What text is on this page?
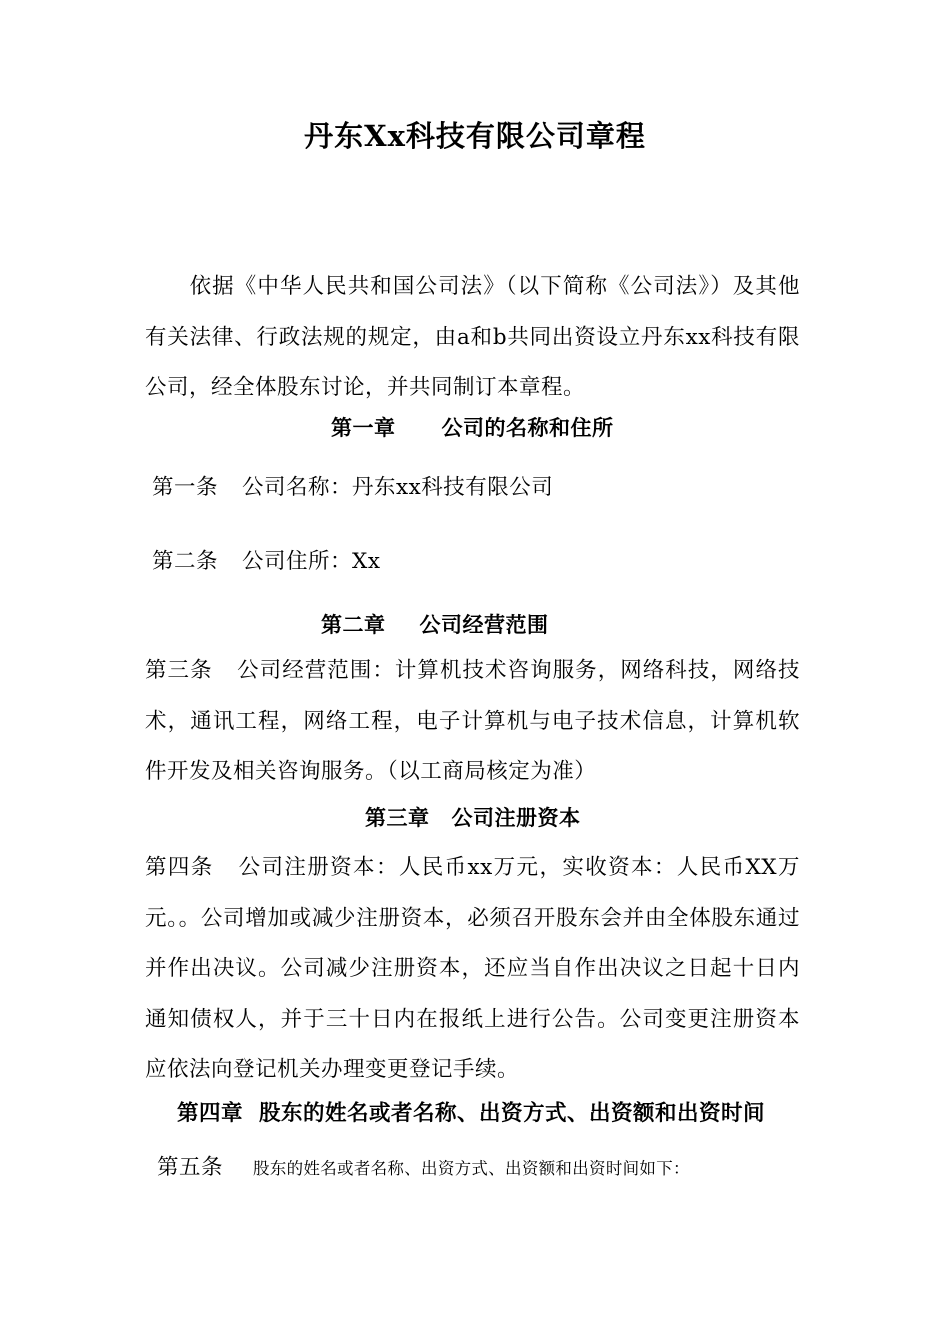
丹东Xx科技有限公司章程
依据《中华人民共和国公司法》（以下简称《公司法》）及其他有关法律、行政法规的规定，由a和b共同出资设立丹东xx科技有限公司，经全体股东讨论，并共同制订本章程。
第一章 公司的名称和住所
第一条 公司名称：丹东xx科技有限公司
第二条 公司住所：Xx
第二章 公司经营范围
第三条 公司经营范围：计算机技术咨询服务，网络科技，网络技术，通讯工程，网络工程，电子计算机与电子技术信息，计算机软件开发及相关咨询服务。（以工商局核定为准）
第三章 公司注册资本
第四条 公司注册资本：人民币xx万元，实收资本：人民币XX万元。。公司增加或减少注册资本，必须召开股东会并由全体股东通过并作出决议。公司减少注册资本，还应当自作出决议之日起十日内通知债权人，并于三十日内在报纸上进行公告。公司变更注册资本应依法向登记机关办理变更登记手续。
第四章 股东的姓名或者名称、出资方式、出资额和出资时间
第五条 股东的姓名或者名称、出资方式、出资额和出资时间如下：
